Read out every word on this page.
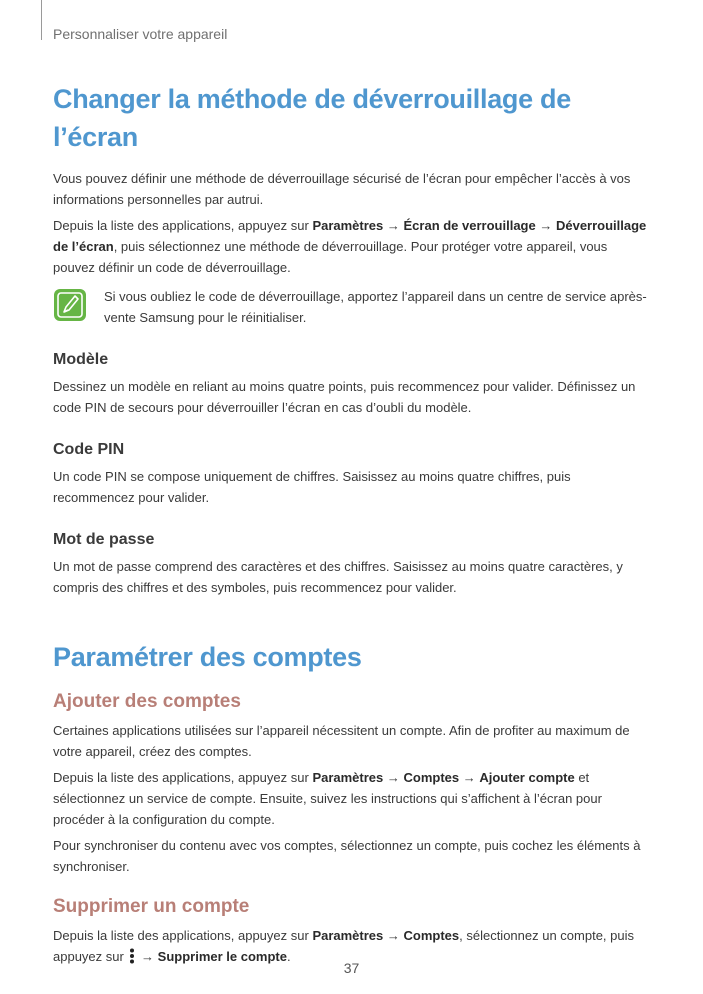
Personnaliser votre appareil
Changer la méthode de déverrouillage de l’écran

Vous pouvez définir une méthode de déverrouillage sécurisé de l’écran pour empêcher l’accès à vos informations personnelles par autrui.

Depuis la liste des applications, appuyez sur Paramètres → Écran de verrouillage → Déverrouillage de l’écran, puis sélectionnez une méthode de déverrouillage. Pour protéger votre appareil, vous pouvez définir un code de déverrouillage.

Si vous oubliez le code de déverrouillage, apportez l’appareil dans un centre de service après-vente Samsung pour le réinitialiser.

Modèle

Dessinez un modèle en reliant au moins quatre points, puis recommencez pour valider. Définissez un code PIN de secours pour déverrouiller l’écran en cas d’oubli du modèle.

Code PIN

Un code PIN se compose uniquement de chiffres. Saisissez au moins quatre chiffres, puis recommencez pour valider.

Mot de passe

Un mot de passe comprend des caractères et des chiffres. Saisissez au moins quatre caractères, y compris des chiffres et des symboles, puis recommencez pour valider.

Paramétrer des comptes
Ajouter des comptes

Certaines applications utilisées sur l’appareil nécessitent un compte. Afin de profiter au maximum de votre appareil, créez des comptes.

Depuis la liste des applications, appuyez sur Paramètres → Comptes → Ajouter compte et sélectionnez un service de compte. Ensuite, suivez les instructions qui s’affichent à l’écran pour procéder à la configuration du compte.

Pour synchroniser du contenu avec vos comptes, sélectionnez un compte, puis cochez les éléments à synchroniser.

Supprimer un compte

Depuis la liste des applications, appuyez sur Paramètres → Comptes, sélectionnez un compte, puis appuyez sur  → Supprimer le compte.

37
